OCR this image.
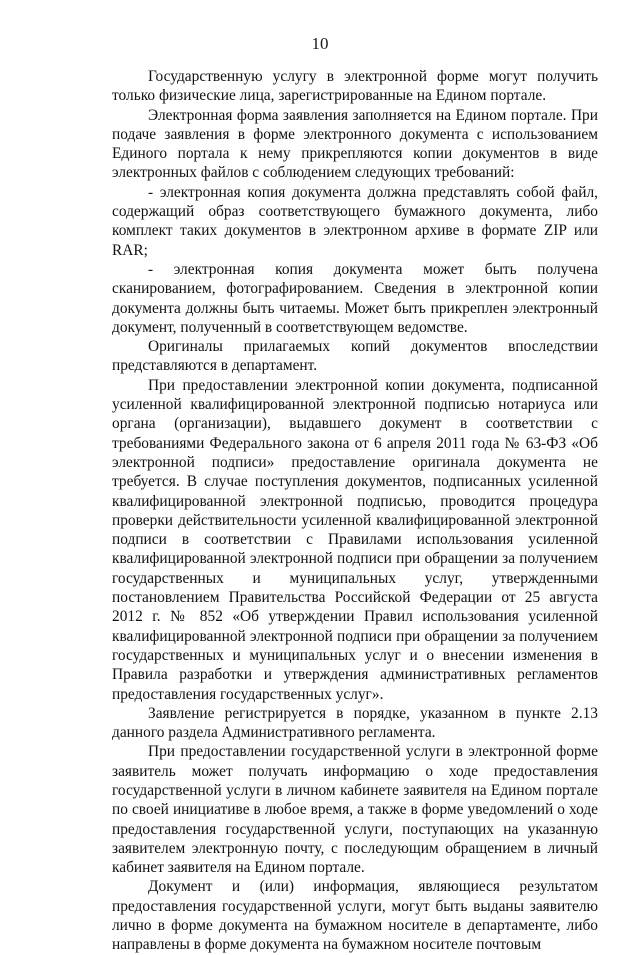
10

Государственную услугу в электронной форме могут получить только физические лица, зарегистрированные на Едином портале.

Электронная форма заявления заполняется на Едином портале. При подаче заявления в форме электронного документа с использованием Единого портала к нему прикрепляются копии документов в виде электронных файлов с соблюдением следующих требований:

- электронная копия документа должна представлять собой файл, содержащий образ соответствующего бумажного документа, либо комплект таких документов в электронном архиве в формате ZIP или RAR;

- электронная копия документа может быть получена сканированием, фотографированием. Сведения в электронной копии документа должны быть читаемы. Может быть прикреплен электронный документ, полученный в соответствующем ведомстве.

Оригиналы прилагаемых копий документов впоследствии представляются в департамент.

При предоставлении электронной копии документа, подписанной усиленной квалифицированной электронной подписью нотариуса или органа (организации), выдавшего документ в соответствии с требованиями Федерального закона от 6 апреля 2011 года № 63-ФЗ «Об электронной подписи» предоставление оригинала документа не требуется. В случае поступления документов, подписанных усиленной квалифицированной электронной подписью, проводится процедура проверки действительности усиленной квалифицированной электронной подписи в соответствии с Правилами использования усиленной квалифицированной электронной подписи при обращении за получением государственных и муниципальных услуг, утвержденными постановлением Правительства Российской Федерации от 25 августа 2012 г. № 852 «Об утверждении Правил использования усиленной квалифицированной электронной подписи при обращении за получением государственных и муниципальных услуг и о внесении изменения в Правила разработки и утверждения административных регламентов предоставления государственных услуг».

Заявление регистрируется в порядке, указанном в пункте 2.13 данного раздела Административного регламента.

При предоставлении государственной услуги в электронной форме заявитель может получать информацию о ходе предоставления государственной услуги в личном кабинете заявителя на Едином портале по своей инициативе в любое время, а также в форме уведомлений о ходе предоставления государственной услуги, поступающих на указанную заявителем электронную почту, с последующим обращением в личный кабинет заявителя на Едином портале.

Документ и (или) информация, являющиеся результатом предоставления государственной услуги, могут быть выданы заявителю лично в форме документа на бумажном носителе в департаменте, либо направлены в форме документа на бумажном носителе почтовым
